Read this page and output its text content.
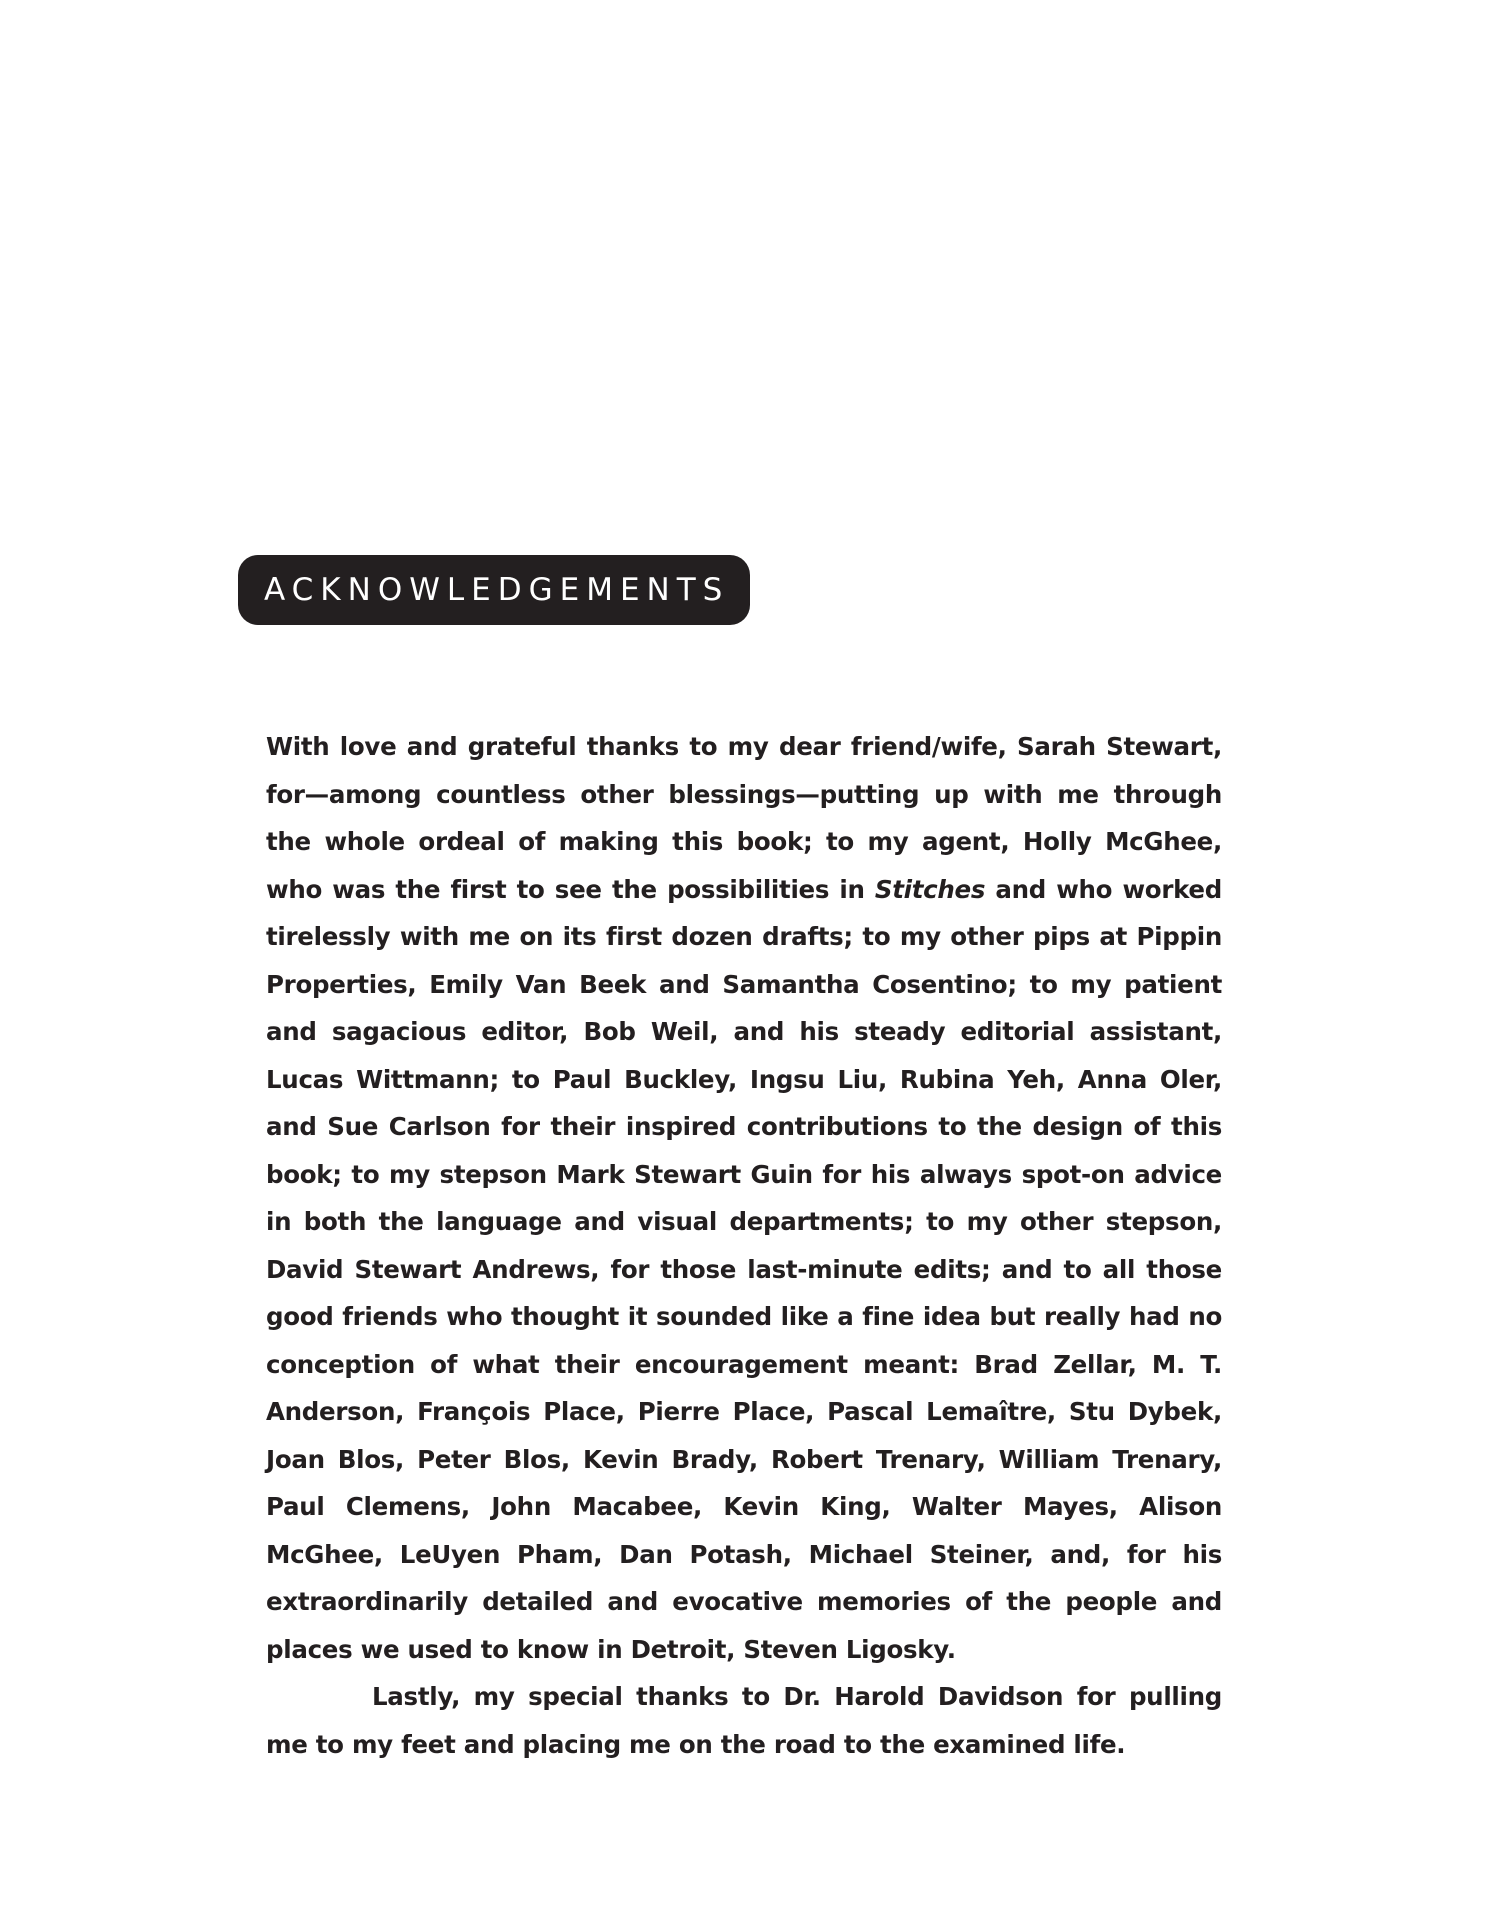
ACKNOWLEDGEMENTS

With love and grateful thanks to my dear friend/wife, Sarah Stewart, for—among countless other blessings—putting up with me through the whole ordeal of making this book; to my agent, Holly McGhee, who was the first to see the possibilities in Stitches and who worked tirelessly with me on its first dozen drafts; to my other pips at Pippin Properties, Emily Van Beek and Samantha Cosentino; to my patient and sagacious editor, Bob Weil, and his steady editorial assistant, Lucas Wittmann; to Paul Buckley, Ingsu Liu, Rubina Yeh, Anna Oler, and Sue Carlson for their inspired contributions to the design of this book; to my stepson Mark Stewart Guin for his always spot-on advice in both the language and visual departments; to my other stepson, David Stewart Andrews, for those last-minute edits; and to all those good friends who thought it sounded like a fine idea but really had no conception of what their encouragement meant: Brad Zellar, M. T. Anderson, François Place, Pierre Place, Pascal Lemaître, Stu Dybek, Joan Blos, Peter Blos, Kevin Brady, Robert Trenary, William Trenary, Paul Clemens, John Macabee, Kevin King, Walter Mayes, Alison McGhee, LeUyen Pham, Dan Potash, Michael Steiner, and, for his extraordinarily detailed and evocative memories of the people and places we used to know in Detroit, Steven Ligosky.

Lastly, my special thanks to Dr. Harold Davidson for pulling me to my feet and placing me on the road to the examined life.
